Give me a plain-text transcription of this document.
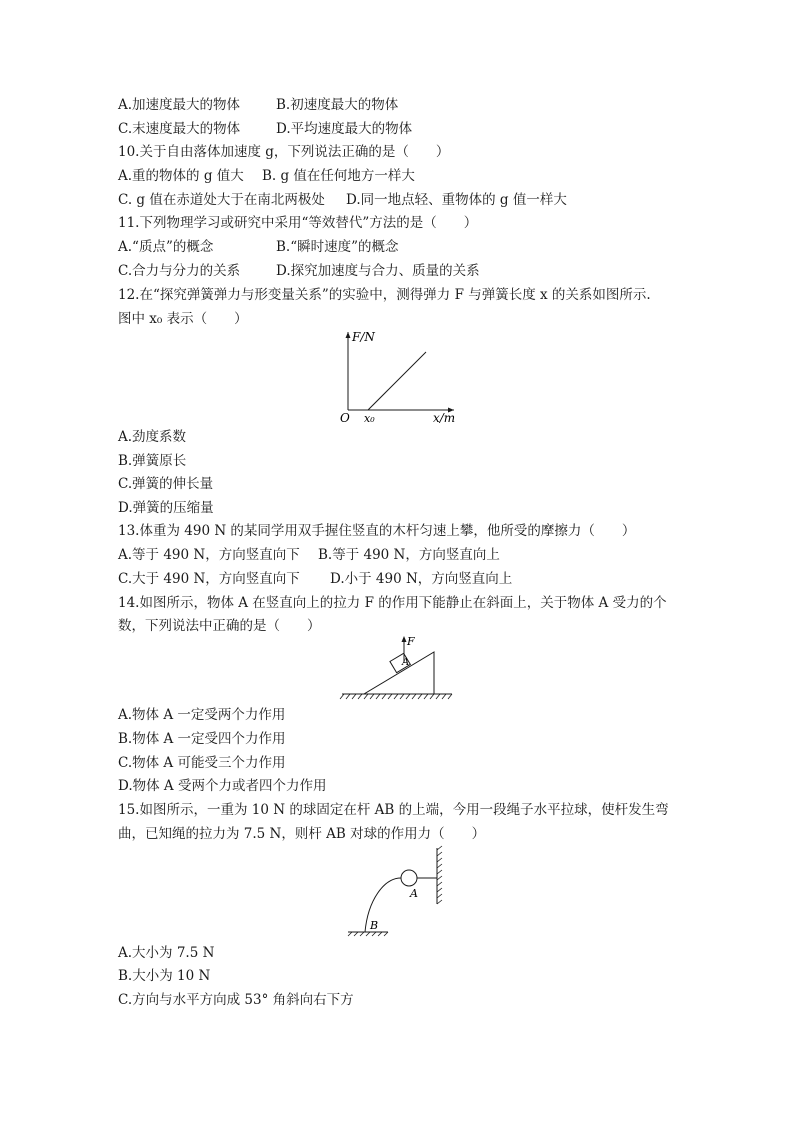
A.加速度最大的物体	B.初速度最大的物体
C.末速度最大的物体	D.平均速度最大的物体
10.关于自由落体加速度 g，下列说法正确的是（　　）
A.重的物体的 g 值大 B. g 值在任何地方一样大
C. g 值在赤道处大于在南北两极处 D.同一地点轻、重物体的 g 值一样大
11.下列物理学习或研究中采用“等效替代”方法的是（　　）
A.“质点”的概念	B.“瞬时速度”的概念
C.合力与分力的关系	D.探究加速度与合力、质量的关系
12.在“探究弹簧弹力与形变量关系”的实验中，测得弹力 F 与弹簧长度 x 的关系如图所示.
图中 x₀ 表示（　　）
F/N
x/m
O x₀
A.劲度系数
B.弹簧原长
C.弹簧的伸长量
D.弹簧的压缩量
13.体重为 490 N 的某同学用双手握住竖直的木杆匀速上攀，他所受的摩擦力（　　）
A.等于 490 N，方向竖直向下 B.等于 490 N，方向竖直向上
C.大于 490 N，方向竖直向下 D.小于 490 N，方向竖直向上
14.如图所示，物体 A 在竖直向上的拉力 F 的作用下能静止在斜面上，关于物体 A 受力的个
数，下列说法中正确的是（　　）
F
A
A.物体 A 一定受两个力作用
B.物体 A 一定受四个力作用
C.物体 A 可能受三个力作用
D.物体 A 受两个力或者四个力作用
15.如图所示，一重为 10 N 的球固定在杆 AB 的上端，今用一段绳子水平拉球，使杆发生弯
曲，已知绳的拉力为 7.5 N，则杆 AB 对球的作用力（　　）
A
B
A.大小为 7.5 N
B.大小为 10 N
C.方向与水平方向成 53° 角斜向右下方
